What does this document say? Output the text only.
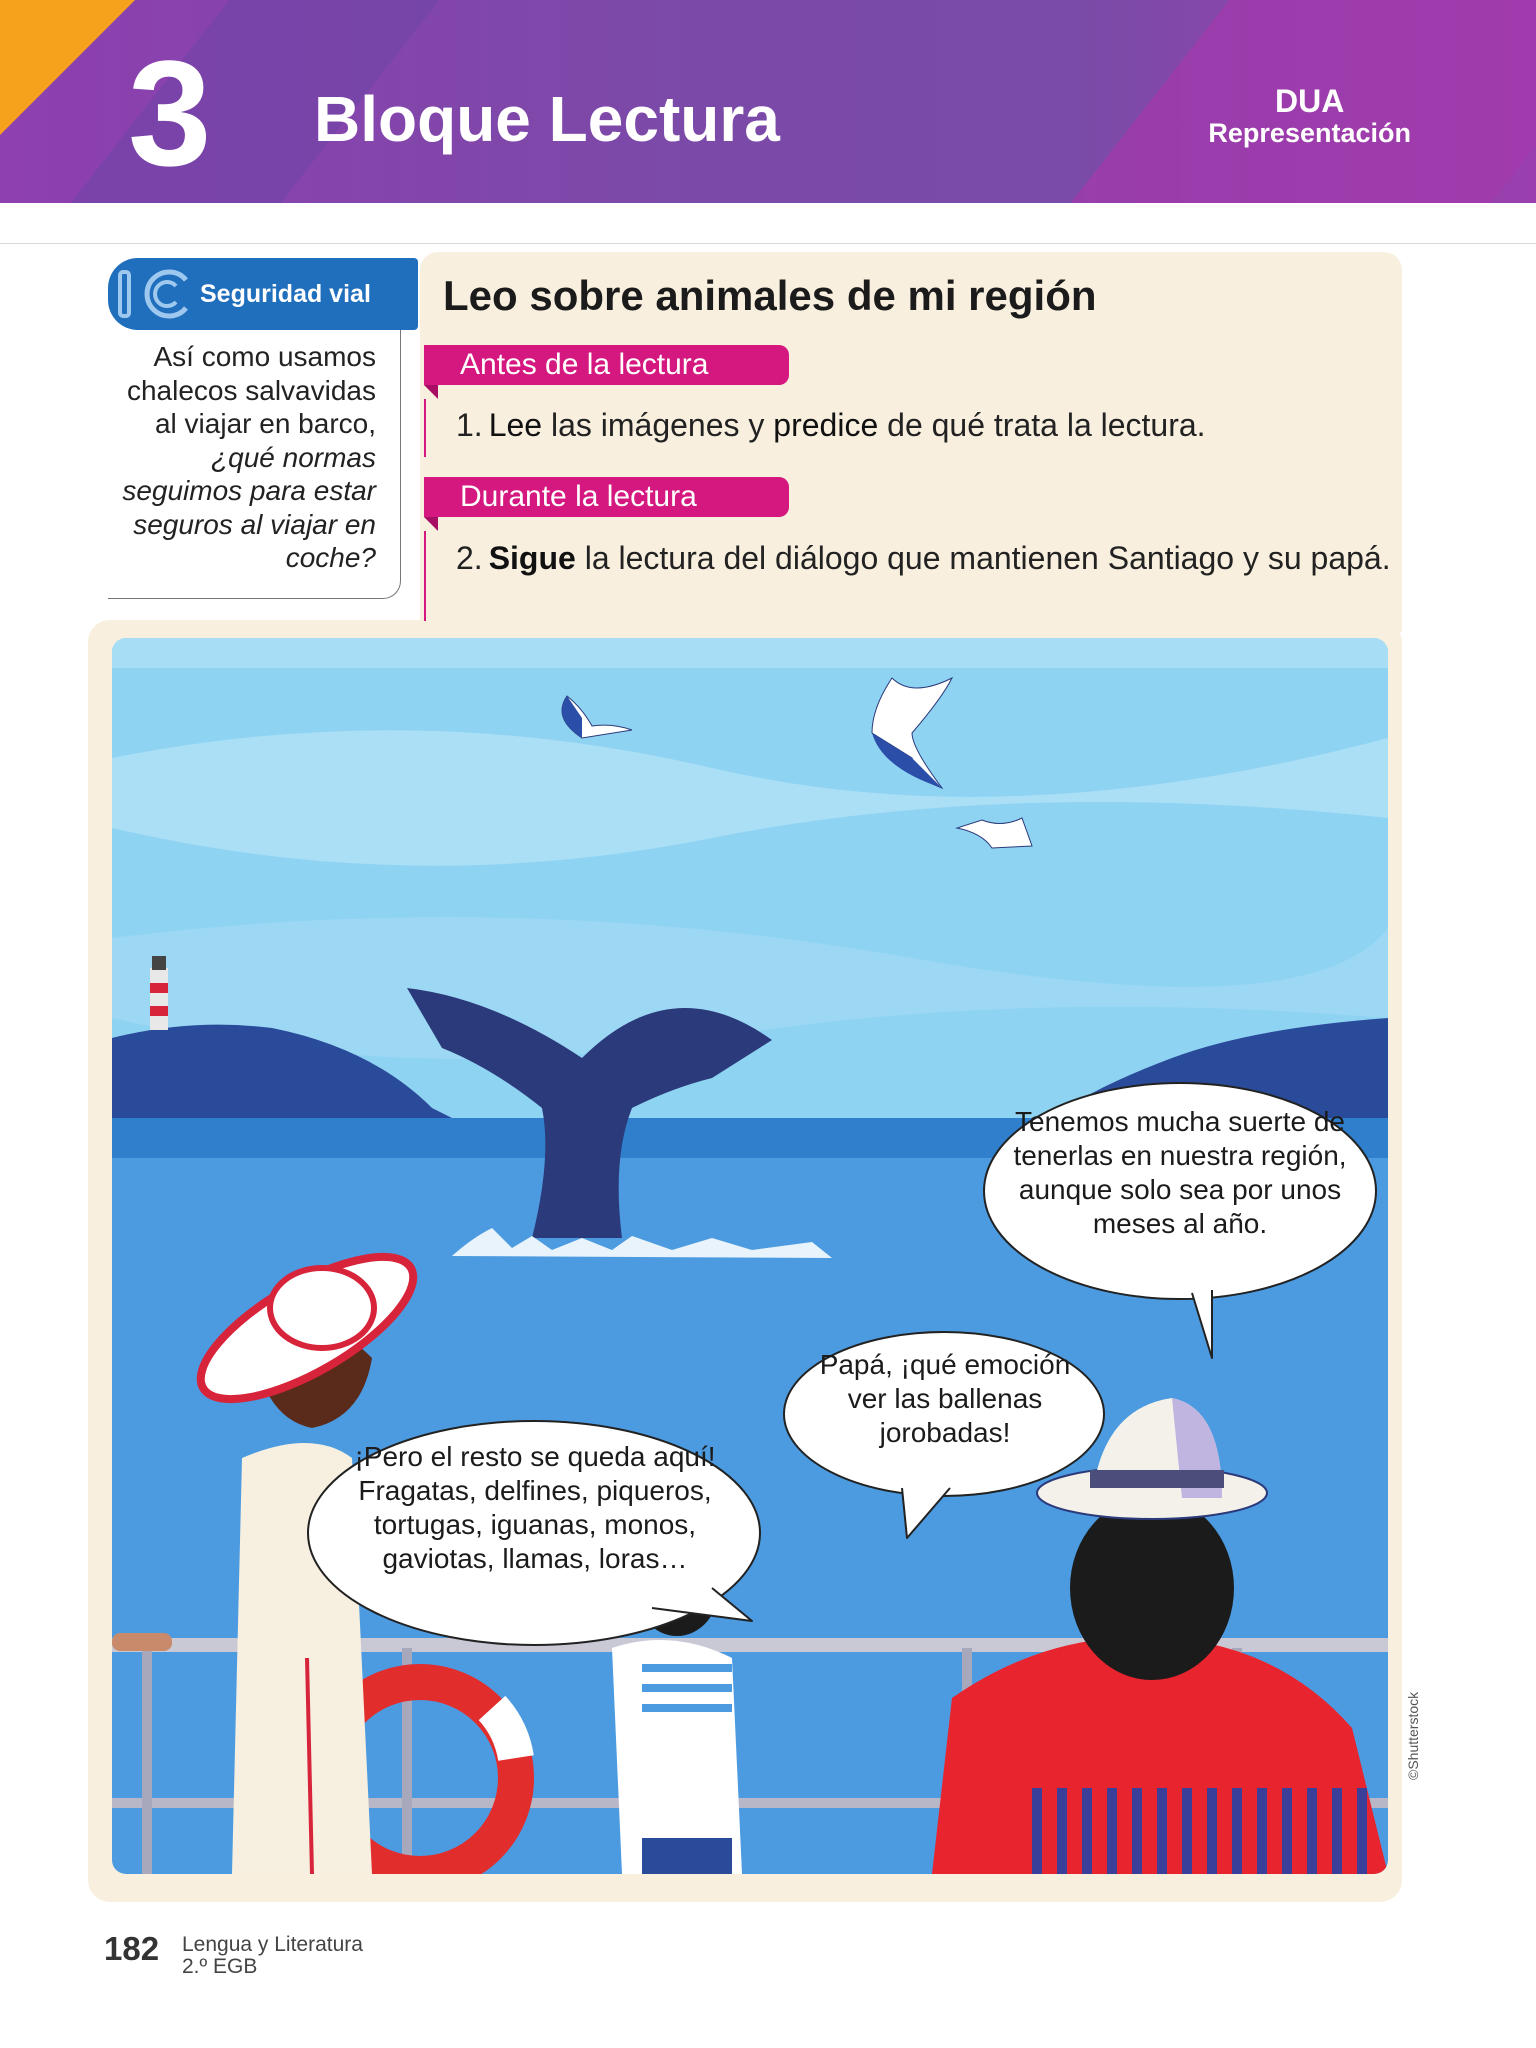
3 Bloque Lectura	DUA
Representación
Seguridad vial
Así como usamos chalecos salvavidas al viajar en barco, ¿qué normas seguimos para estar seguros al viajar en coche?
Leo sobre animales de mi región
Antes de la lectura
1. Lee las imágenes y predice de qué trata la lectura.
Durante la lectura
2. Sigue la lectura del diálogo que mantienen Santiago y su papá.
Tenemos mucha suerte de tenerlas en nuestra región, aunque solo sea por unos meses al año.
Papá, ¡qué emoción ver las ballenas jorobadas!
¡Pero el resto se queda aquí! Fragatas, delfines, piqueros, tortugas, iguanas, monos, gaviotas, llamas, loras…
©Shutterstock
182 Lengua y Literatura
2.º EGB
